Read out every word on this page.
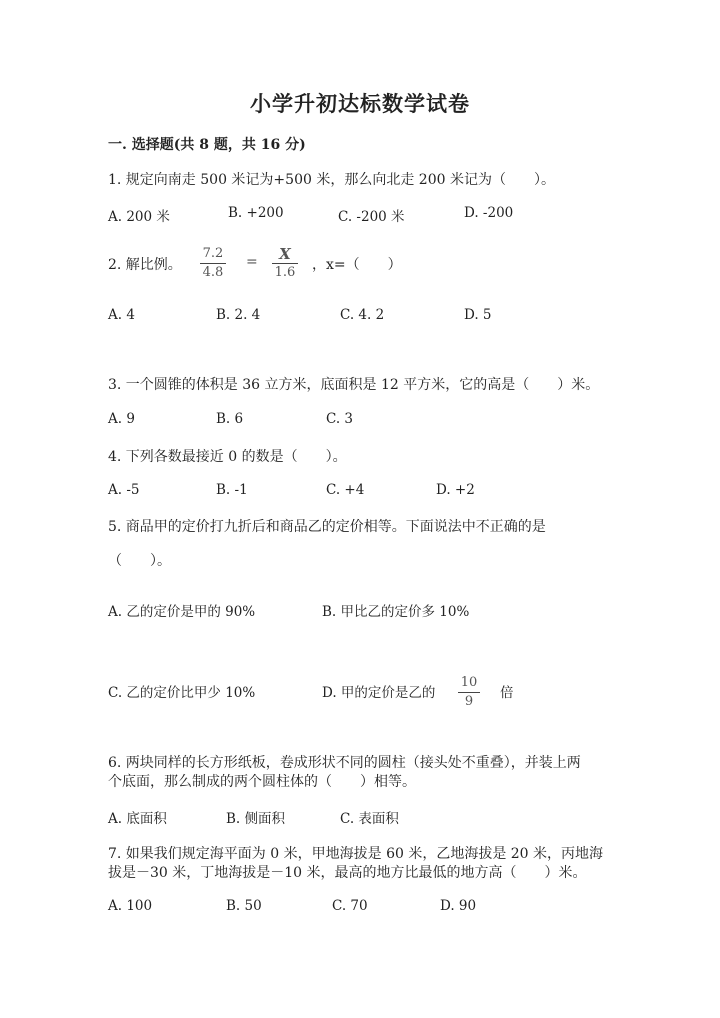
小学升初达标数学试卷
一. 选择题(共 8 题，共 16 分)
1. 规定向南走 500 米记为+500 米，那么向北走 200 米记为（　　）。
A. 200 米	B. +200	C. -200 米	D. -200
2. 解比例。
7.2
4.8
=	X
1.6 ，x=（　　）
A. 4	B. 2. 4	C. 4. 2	D. 5
3. 一个圆锥的体积是 36 立方米，底面积是 12 平方米，它的高是（　　）米。
A. 9	B. 6	C. 3
4. 下列各数最接近 0 的数是（　　）。
A. -5	B. -1	C. +4	D. +2
5. 商品甲的定价打九折后和商品乙的定价相等。下面说法中不正确的是
（　　）。
A. 乙的定价是甲的 90%	B. 甲比乙的定价多 10%
C. 乙的定价比甲少 10%	D. 甲的定价是乙的
10
9
倍
6. 两块同样的长方形纸板，卷成形状不同的圆柱（接头处不重叠），并装上两
个底面，那么制成的两个圆柱体的（　　）相等。
A. 底面积	B. 侧面积	C. 表面积
7. 如果我们规定海平面为 0 米，甲地海拔是 60 米，乙地海拔是 20 米，丙地海
拔是－30 米，丁地海拔是－10 米，最高的地方比最低的地方高（　　）米。
A. 100	B. 50	C. 70	D. 90
